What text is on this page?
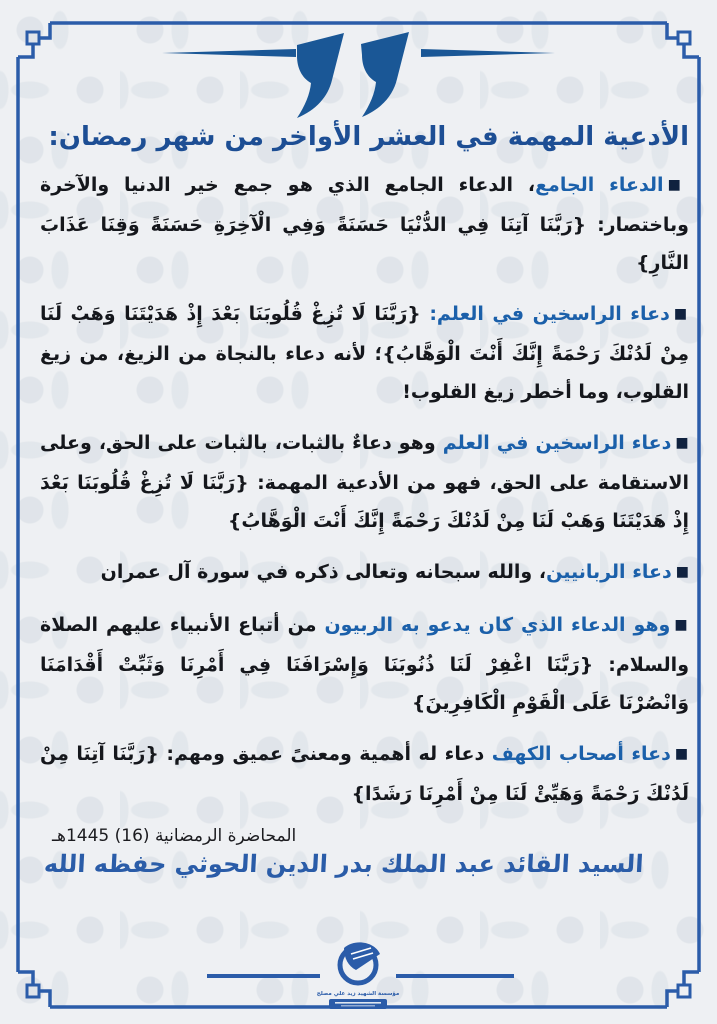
الأدعية المهمة في العشر الأواخر من شهر رمضان:

■الدعاء الجامع، الدعاء الجامع الذي هو جمع خير الدنيا والآخرة وباختصار: {رَبَّنَا آتِنَا فِي الدُّنْيَا حَسَنَةً وَفِي الْآخِرَةِ حَسَنَةً وَقِنَا عَذَابَ النَّارِ}

■دعاء الراسخين في العلم: {رَبَّنَا لَا تُزِغْ قُلُوبَنَا بَعْدَ إِذْ هَدَيْتَنَا وَهَبْ لَنَا مِنْ لَدُنْكَ رَحْمَةً إِنَّكَ أَنْتَ الْوَهَّابُ}؛ لأنه دعاء بالنجاة من الزيغ، من زيغ القلوب، وما أخطر زيغ القلوب!

■دعاء الراسخين في العلم وهو دعاءٌ بالثبات، بالثبات على الحق، وعلى الاستقامة على الحق، فهو من الأدعية المهمة: {رَبَّنَا لَا تُزِغْ قُلُوبَنَا بَعْدَ إِذْ هَدَيْتَنَا وَهَبْ لَنَا مِنْ لَدُنْكَ رَحْمَةً إِنَّكَ أَنْتَ الْوَهَّابُ}

■دعاء الربانيين، والله سبحانه وتعالى ذكره في سورة آل عمران

■وهو الدعاء الذي كان يدعو به الربيون من أتباع الأنبياء عليهم الصلاة والسلام: {رَبَّنَا اغْفِرْ لَنَا ذُنُوبَنَا وَإِسْرَافَنَا فِي أَمْرِنَا وَثَبِّتْ أَقْدَامَنَا وَانْصُرْنَا عَلَى الْقَوْمِ الْكَافِرِينَ}

■دعاء أصحاب الكهف دعاء له أهمية ومعنىً عميق ومهم: {رَبَّنَا آتِنَا مِنْ لَدُنْكَ رَحْمَةً وَهَيِّئْ لَنَا مِنْ أَمْرِنَا رَشَدًا}

المحاضرة الرمضانية (16) 1445هـ
السيد القائد عبد الملك بدر الدين الحوثي حفظه الله
مؤسسة الشهيد زيد علي مصلح
